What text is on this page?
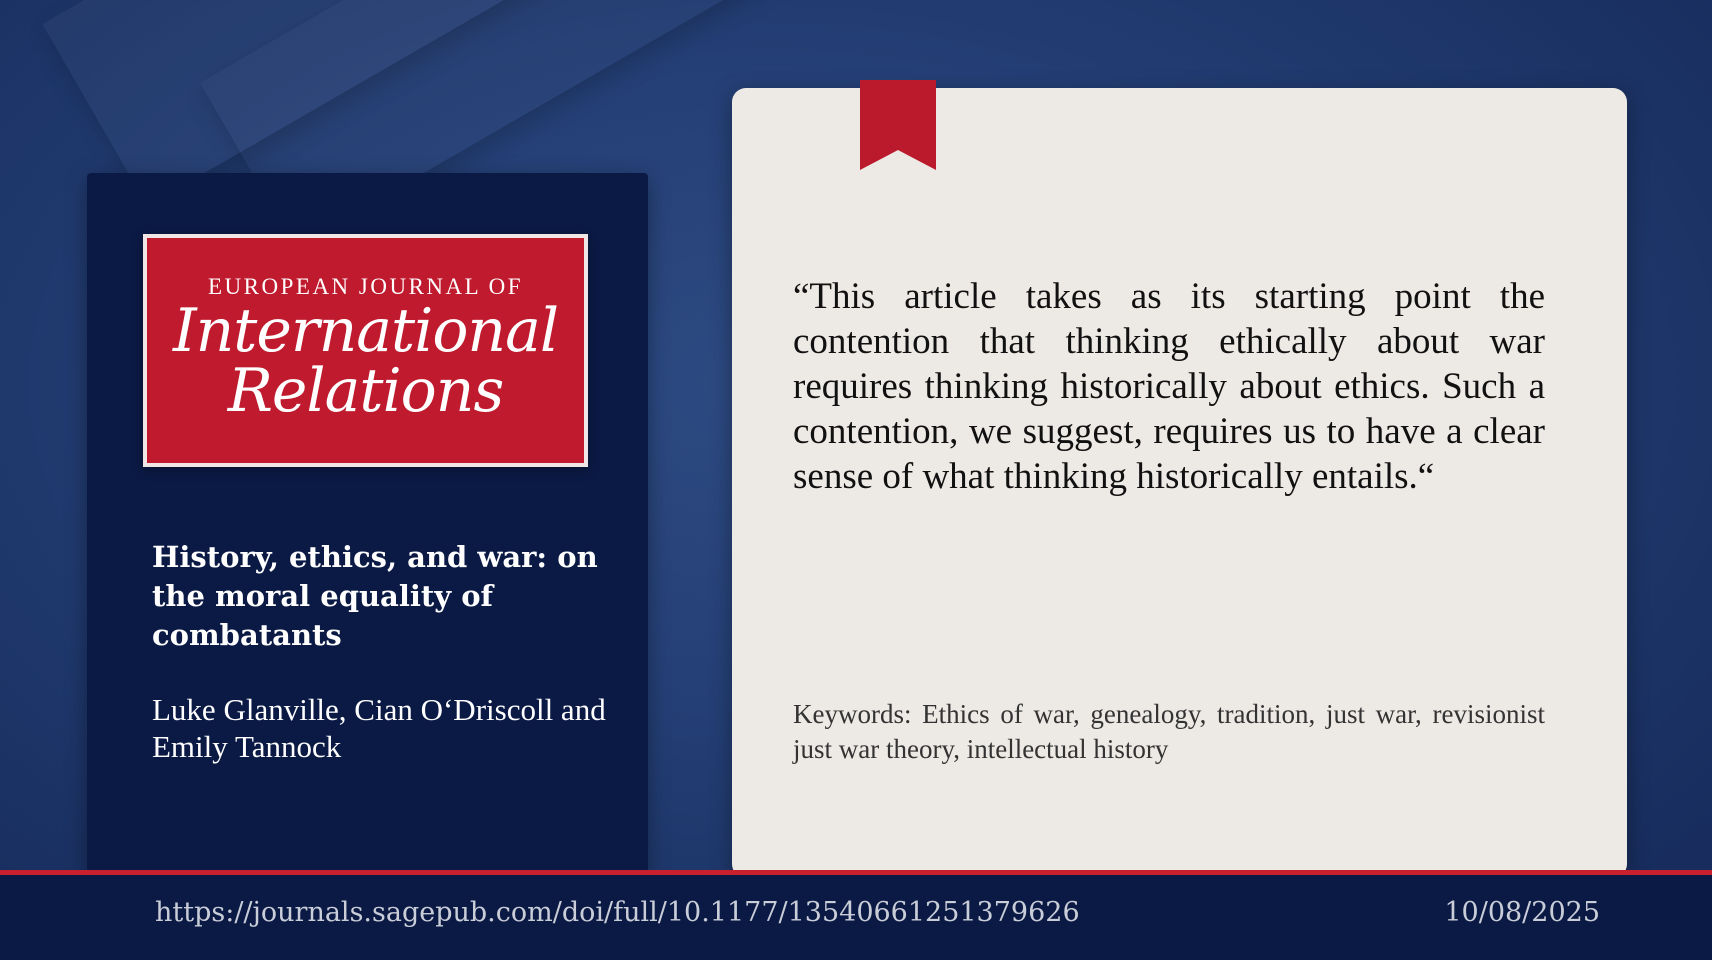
EUROPEAN JOURNAL OF
International
Relations
History, ethics, and war: on the moral equality of combatants
Luke Glanville, Cian O‘Driscoll and Emily Tannock
“This article takes as its starting point the contention that thinking ethically about war requires thinking historically about ethics. Such a contention, we suggest, requires us to have a clear sense of what thinking historically entails.“
Keywords: Ethics of war, genealogy, tradition, just war, revisionist just war theory, intellectual history
https://journals.sagepub.com/doi/full/10.1177/13540661251379626	10/08/2025
